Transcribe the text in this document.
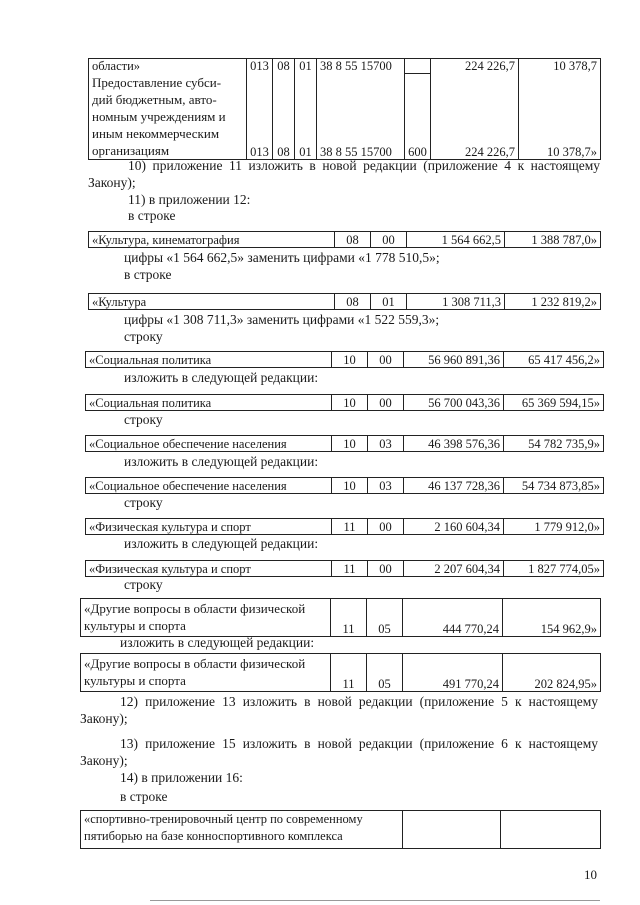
области»	013	08	01	38 8 55 15700		224 226,7	10 378,7
Предоставление субси-
дий бюджетным, авто-
номным учреждениям и
иным некоммерческим
организациям	013	08	01	38 8 55 15700	600	224 226,7	10 378,7»
10) приложение 11 изложить в новой редакции (приложение 4 к настоящему Закону);
11) в приложении 12:
в строке
«Культура, кинематография	08	00	1 564 662,5	1 388 787,0»
цифры «1 564 662,5» заменить цифрами «1 778 510,5»;
в строке
«Культура	08	01	1 308 711,3	1 232 819,2»
цифры «1 308 711,3» заменить цифрами «1 522 559,3»;
строку
«Социальная политика	10	00	56 960 891,36	65 417 456,2»
изложить в следующей редакции:
«Социальная политика	10	00	56 700 043,36	65 369 594,15»
строку
«Социальное обеспечение населения	10	03	46 398 576,36	54 782 735,9»
изложить в следующей редакции:
«Социальное обеспечение населения	10	03	46 137 728,36	54 734 873,85»
строку
«Физическая культура и спорт	11	00	2 160 604,34	1 779 912,0»
изложить в следующей редакции:
«Физическая культура и спорт	11	00	2 207 604,34	1 827 774,05»
строку
«Другие вопросы в области физической
культуры и спорта	11	05	444 770,24	154 962,9»
изложить в следующей редакции:
«Другие вопросы в области физической
культуры и спорта	11	05	491 770,24	202 824,95»
12) приложение 13 изложить в новой редакции (приложение 5 к настоящему Закону);
13) приложение 15 изложить в новой редакции (приложение 6 к настоящему Закону);
14) в приложении 16:
в строке
«спортивно-тренировочный центр по современному
пятиборью на базе конноспортивного комплекса		
10
